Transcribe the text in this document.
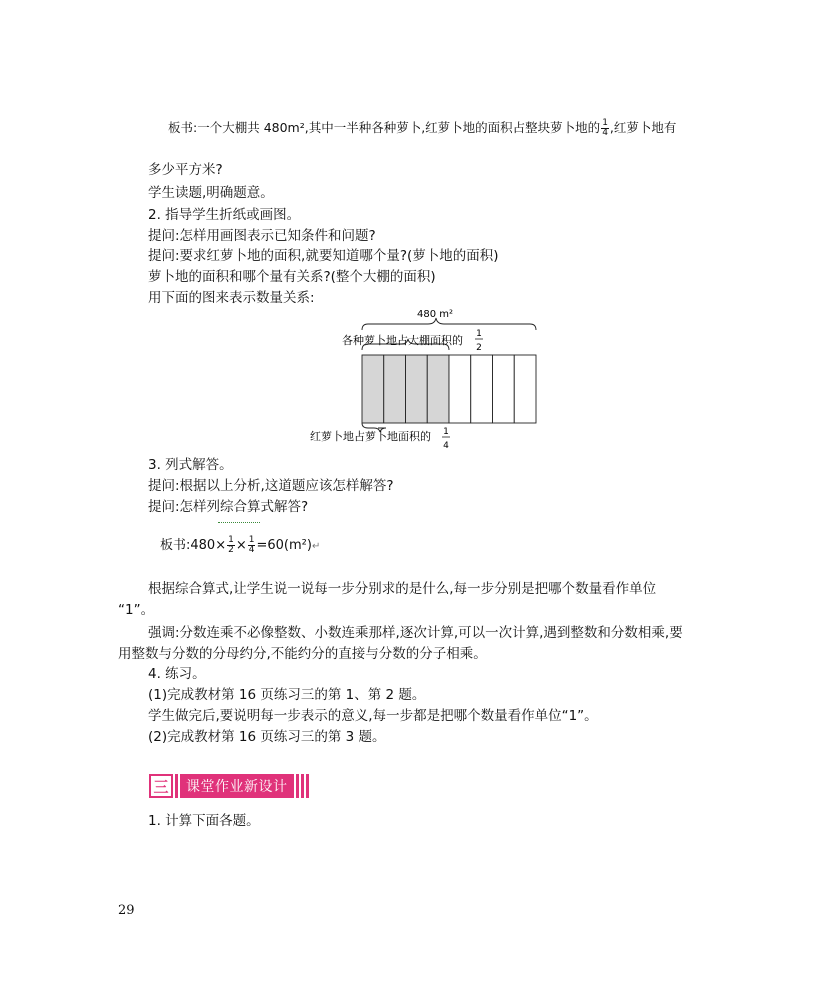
板书:一个大棚共 480m²,其中一半种各种萝卜,红萝卜地的面积占整块萝卜地的 $\frac{1}{4}$ ,红萝卜地有
多少平方米?
学生读题,明确题意。
2. 指导学生折纸或画图。
提问:怎样用画图表示已知条件和问题?
提问:要求红萝卜地的面积,就要知道哪个量?(萝卜地的面积)
萝卜地的面积和哪个量有关系?(整个大棚的面积)
用下面的图来表示数量关系:
480 m²
各种萝卜地占大棚面积的 1
2
红萝卜地占萝卜地面积的 1
4
3. 列式解答。
提问:根据以上分析,这道题应该怎样解答?
提问:怎样列综合算式解答?
板书:480× $\frac{1}{2} \times \frac{1}{4}$ =60(m²)↵
根据综合算式,让学生说一说每一步分别求的是什么,每一步分别是把哪个数量看作单位
“1”。
强调:分数连乘不必像整数、小数连乘那样,逐次计算,可以一次计算,遇到整数和分数相乘,要
用整数与分数的分母约分,不能约分的直接与分数的分子相乘。
4. 练习。
(1)完成教材第 16 页练习三的第 1、第 2 题。
学生做完后,要说明每一步表示的意义,每一步都是把哪个数量看作单位“1”。
(2)完成教材第 16 页练习三的第 3 题。
三	课堂作业新设计
1. 计算下面各题。
29
